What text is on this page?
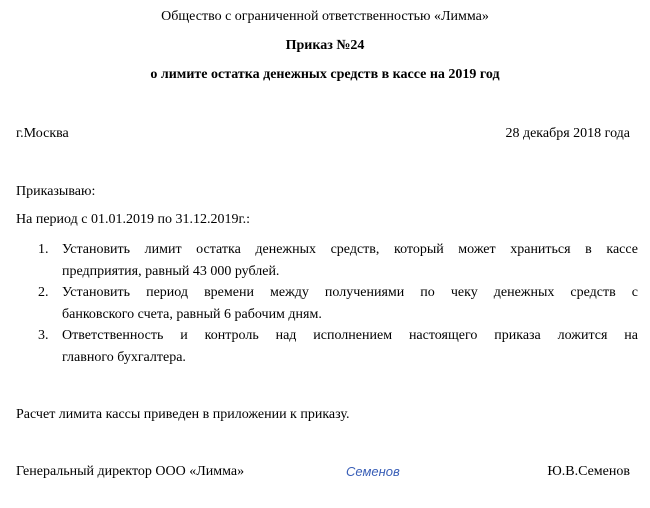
Общество с ограниченной ответственностью «Лимма»
Приказ №24
о лимите остатка денежных средств в кассе на 2019 год
г.Москва	28 декабря 2018 года
Приказываю:
На период с 01.01.2019 по 31.12.2019г.:
1. Установить лимит остатка денежных средств, который может храниться в кассе
предприятия, равный 43 000 рублей.
2. Установить период времени между получениями по чеку денежных средств с
банковского счета, равный 6 рабочим дням.
3. Ответственность и контроль над исполнением настоящего приказа ложится на
главного бухгалтера.
Расчет лимита кассы приведен в приложении к приказу.
Генеральный директор ООО «Лимма»	Семенов	Ю.В.Семенов
